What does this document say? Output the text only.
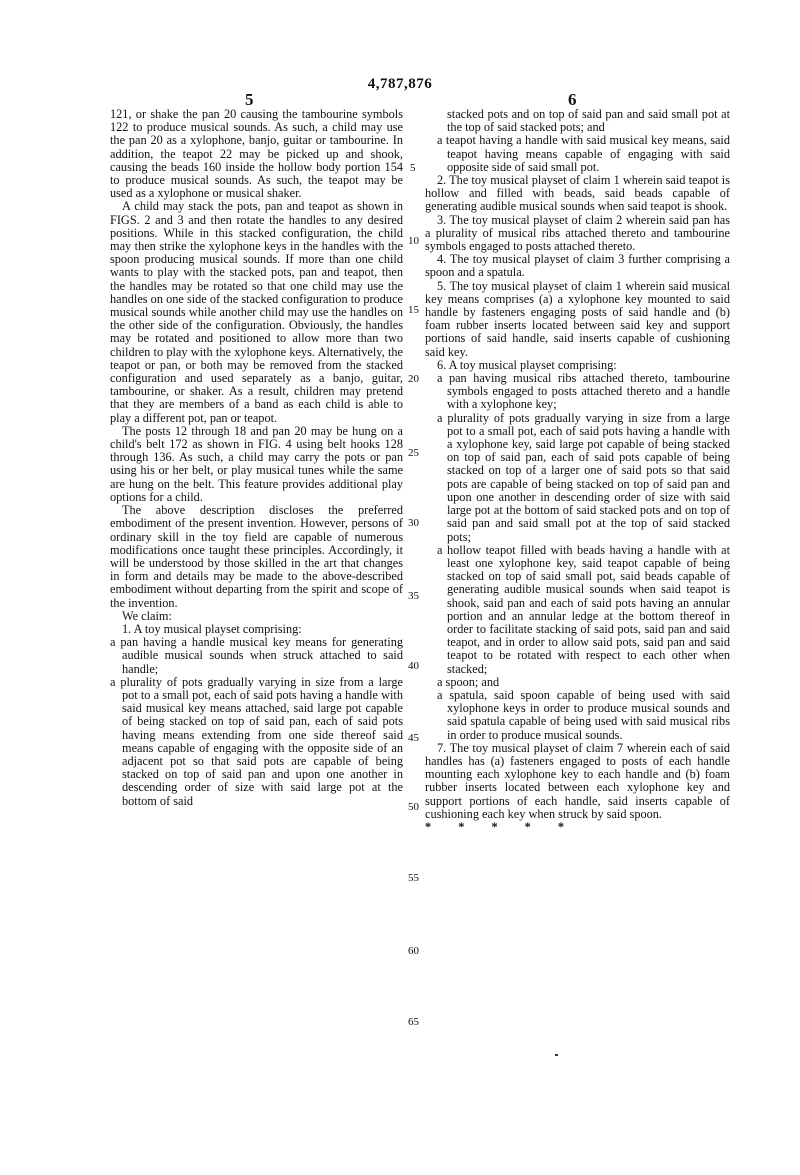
4,787,876
5	6

121, or shake the pan 20 causing the tambourine symbols 122 to produce musical sounds. As such, a child may use the pan 20 as a xylophone, banjo, guitar or tambourine. In addition, the teapot 22 may be picked up and shook, causing the beads 160 inside the hollow body portion 154 to produce musical sounds. As such, the teapot may be used as a xylophone or musical shaker.

A child may stack the pots, pan and teapot as shown in FIGS. 2 and 3 and then rotate the handles to any desired positions. While in this stacked configuration, the child may then strike the xylophone keys in the handles with the spoon producing musical sounds. If more than one child wants to play with the stacked pots, pan and teapot, then the handles may be rotated so that one child may use the handles on one side of the stacked configuration to produce musical sounds while another child may use the handles on the other side of the configuration. Obviously, the handles may be rotated and positioned to allow more than two children to play with the xylophone keys. Alternatively, the teapot or pan, or both may be removed from the stacked configuration and used separately as a banjo, guitar, tambourine, or shaker. As a result, children may pretend that they are members of a band as each child is able to play a different pot, pan or teapot.

The posts 12 through 18 and pan 20 may be hung on a child's belt 172 as shown in FIG. 4 using belt hooks 128 through 136. As such, a child may carry the pots or pan using his or her belt, or play musical tunes while the same are hung on the belt. This feature provides additional play options for a child.

The above description discloses the preferred embodiment of the present invention. However, persons of ordinary skill in the toy field are capable of numerous modifications once taught these principles. Accordingly, it will be understood by those skilled in the art that changes in form and details may be made to the above-described embodiment without departing from the spirit and scope of the invention.

We claim:

1. A toy musical playset comprising:

a pan having a handle musical key means for generating audible musical sounds when struck attached to said handle;

a plurality of pots gradually varying in size from a large pot to a small pot, each of said pots having a handle with said musical key means attached, said large pot capable of being stacked on top of said pan, each of said pots having means extending from one side thereof said means capable of engaging with the opposite side of an adjacent pot so that said pots are capable of being stacked on top of said pan and upon one another in descending order of size with said large pot at the bottom of said

5
10
15
20
25
30
35
40
45
50
55
60
65

stacked pots and on top of said pan and said small pot at the top of said stacked pots; and

a teapot having a handle with said musical key means, said teapot having means capable of engaging with said opposite side of said small pot.

2. The toy musical playset of claim 1 wherein said teapot is hollow and filled with beads, said beads capable of generating audible musical sounds when said teapot is shook.

3. The toy musical playset of claim 2 wherein said pan has a plurality of musical ribs attached thereto and tambourine symbols engaged to posts attached thereto.

4. The toy musical playset of claim 3 further comprising a spoon and a spatula.

5. The toy musical playset of claim 1 wherein said musical key means comprises (a) a xylophone key mounted to said handle by fasteners engaging posts of said handle and (b) foam rubber inserts located between said key and support portions of said handle, said inserts capable of cushioning said key.

6. A toy musical playset comprising:

a pan having musical ribs attached thereto, tambourine symbols engaged to posts attached thereto and a handle with a xylophone key;

a plurality of pots gradually varying in size from a large pot to a small pot, each of said pots having a handle with a xylophone key, said large pot capable of being stacked on top of said pan, each of said pots capable of being stacked on top of a larger one of said pots so that said pots are capable of being stacked on top of said pan and upon one another in descending order of size with said large pot at the bottom of said stacked pots and on top of said pan and said small pot at the top of said stacked pots;

a hollow teapot filled with beads having a handle with at least one xylophone key, said teapot capable of being stacked on top of said small pot, said beads capable of generating audible musical sounds when said teapot is shook, said pan and each of said pots having an annular portion and an annular ledge at the bottom thereof in order to facilitate stacking of said pots, said pan and said teapot, and in order to allow said pots, said pan and said teapot to be rotated with respect to each other when stacked;

a spoon; and

a spatula, said spoon capable of being used with said xylophone keys in order to produce musical sounds and said spatula capable of being used with said musical ribs in order to produce musical sounds.

7. The toy musical playset of claim 7 wherein each of said handles has (a) fasteners engaged to posts of each handle mounting each xylophone key to each handle and (b) foam rubber inserts located between each xylophone key and support portions of each handle, said inserts capable of cushioning each key when struck by said spoon.

* * * * *
